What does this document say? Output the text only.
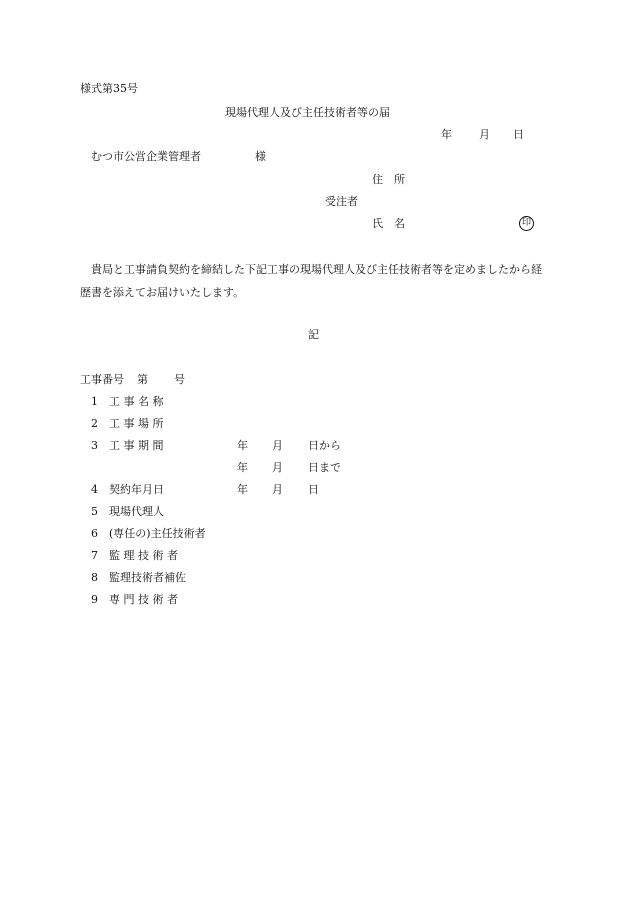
様式第35号
現場代理人及び主任技術者等の届
年 月 日
むつ市公営企業管理者	様
住　所
受注者
氏　名	印
貴局と工事請負契約を締結した下記工事の現場代理人及び主任技術者等を定めましたから経歴書を添えてお届けいたします。
記
工事番号 第 号
1 工 事 名 称
2 工 事 場 所
3 工 事 期 間	年 月 日から
年 月 日まで
4 契約年月日	年 月 日
5 現場代理人
6 (専任の)主任技術者
7 監 理 技 術 者
8 監理技術者補佐
9 専 門 技 術 者
